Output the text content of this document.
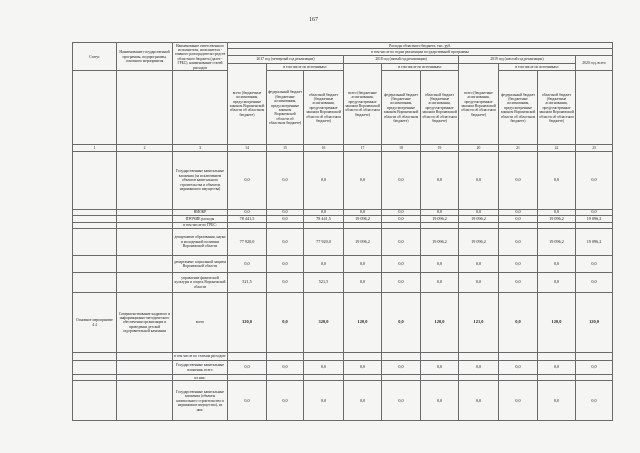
167
Статус	Наименование государственной программы, подпрограммы, основного мероприятия	Наименование ответственного исполнителя, исполнителя - главного распорядителя средств областного бюджета (далее - ГРБС), наименование статей расходов	Расходы областного бюджета, тыс. руб.									
			в том числе по годам реализации государственной программы									
			2017 год (четвертый год реализации)			2018 год (пятый год реализации)			2019 год (шестой год реализации)			2020 год, всего
			всего (бюджетные ассигнования, предусмотренные законом Воронежской области об областном бюджете)	в том числе по источникам:		всего (бюджетные ассигнования, предусмотренные законом Воронежской области об областном бюджете)	в том числе по источникам:		всего (бюджетные ассигнования, предусмотренные законом Воронежской области об областном бюджете)	в том числе по источникам:		
				федеральный бюджет (бюджетные ассигнования, предусмотренные законом Воронежской области об областном бюджете)	областной бюджет (бюджетные ассигнования, предусмотренные законом Воронежской области об областном бюджете)		федеральный бюджет (бюджетные ассигнования, предусмотренные законом Воронежской области об областном бюджете)	областной бюджет (бюджетные ассигнования, предусмотренные законом Воронежской области об областном бюджете)		федеральный бюджет (бюджетные ассигнования, предусмотренные законом Воронежской области об областном бюджете)	областной бюджет (бюджетные ассигнования, предусмотренные законом Воронежской области об областном бюджете)	
1	2	3	14	15	16	17	18	19	20	21	22	23
		Государственные капитальные вложения (за исключением объектов капитального строительства и объектов недвижимого имущества)	0,0	0,0	0,0	0,0	0,0	0,0	0,0	0,0	0,0	0,0
		НИОКР	0,0	0,0	0,0	0,0	0,0	0,0	0,0	0,0	0,0	0,0
		ПРОЧИЕ расходы	78 441,5	0,0	78 441,5	19 096,2	0,0	19 096,2	19 096,2	0,0	19 096,2	19 096,2
		в том числе по ГРБС:										
		департамент образования, науки и молодежной политики Воронежской области	77 920,0	0,0	77 920,0	19 096,2	0,0	19 096,2	19 096,2	0,0	19 096,2	19 096,2
		департамент социальной защиты Воронежской области	0,0	0,0	0,0	0,0	0,0	0,0	0,0	0,0	0,0	0,0
		управление физической культуры и спорта Воронежской области	521,5	0,0	521,5	0,0	0,0	0,0	0,0	0,0	0,0	0,0
Основное мероприятие 4.4	Совершенствование кадрового и информационно-методического обеспечения организации и проведения детской оздоровительной кампании	всего	320,0	0,0	320,0	120,0	0,0	120,0	121,0	0,0	120,0	120,0
		в том числе по статьям расходов:										
		Государственные капитальные вложения, всего	0,0	0,0	0,0	0,0	0,0	0,0	0,0	0,0	0,0	0,0
		из них:										
		Государственные капитальные вложения (объекты капитального строительства и недвижимое имущество), из них:	0,0	0,0	0,0	0,0	0,0	0,0	0,0	0,0	0,0	0,0
